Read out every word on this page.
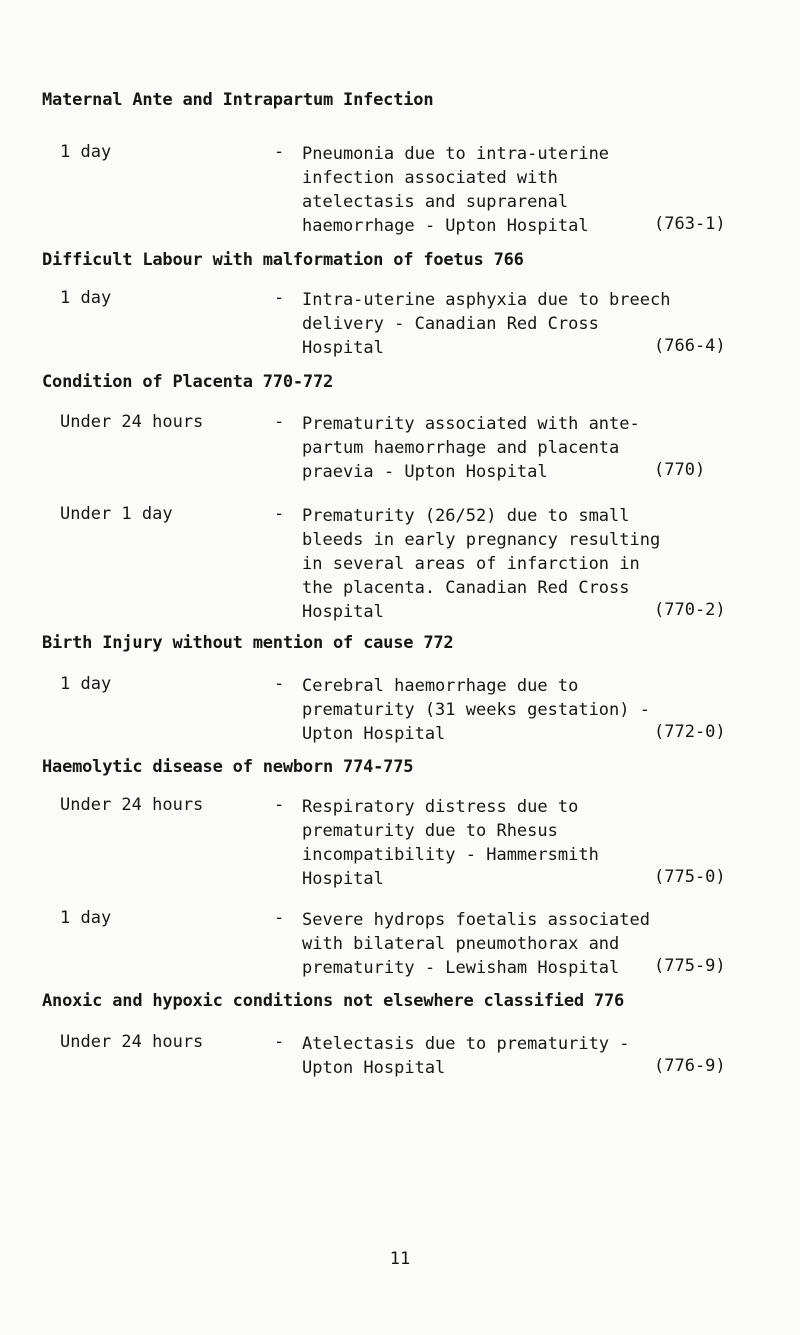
Maternal Ante and Intrapartum Infection
1 day	- Pneumonia due to intra-uterine
infection associated with
atelectasis and suprarenal
haemorrhage - Upton Hospital	(763-1)
Difficult Labour with malformation of foetus 766
1 day	- Intra-uterine asphyxia due to breech
delivery - Canadian Red Cross
Hospital	(766-4)
Condition of Placenta 770-772
Under 24 hours	- Prematurity associated with ante-
partum haemorrhage and placenta
praevia - Upton Hospital	(770)
Under 1 day	- Prematurity (26/52) due to small
bleeds in early pregnancy resulting
in several areas of infarction in
the placenta. Canadian Red Cross
Hospital	(770-2)
Birth Injury without mention of cause 772
1 day	- Cerebral haemorrhage due to
prematurity (31 weeks gestation) -
Upton Hospital	(772-0)
Haemolytic disease of newborn 774-775
Under 24 hours	- Respiratory distress due to
prematurity due to Rhesus
incompatibility - Hammersmith
Hospital	(775-0)
1 day	- Severe hydrops foetalis associated
with bilateral pneumothorax and
prematurity - Lewisham Hospital	(775-9)
Anoxic and hypoxic conditions not elsewhere classified 776
Under 24 hours	- Atelectasis due to prematurity -
Upton Hospital	(776-9)
11
